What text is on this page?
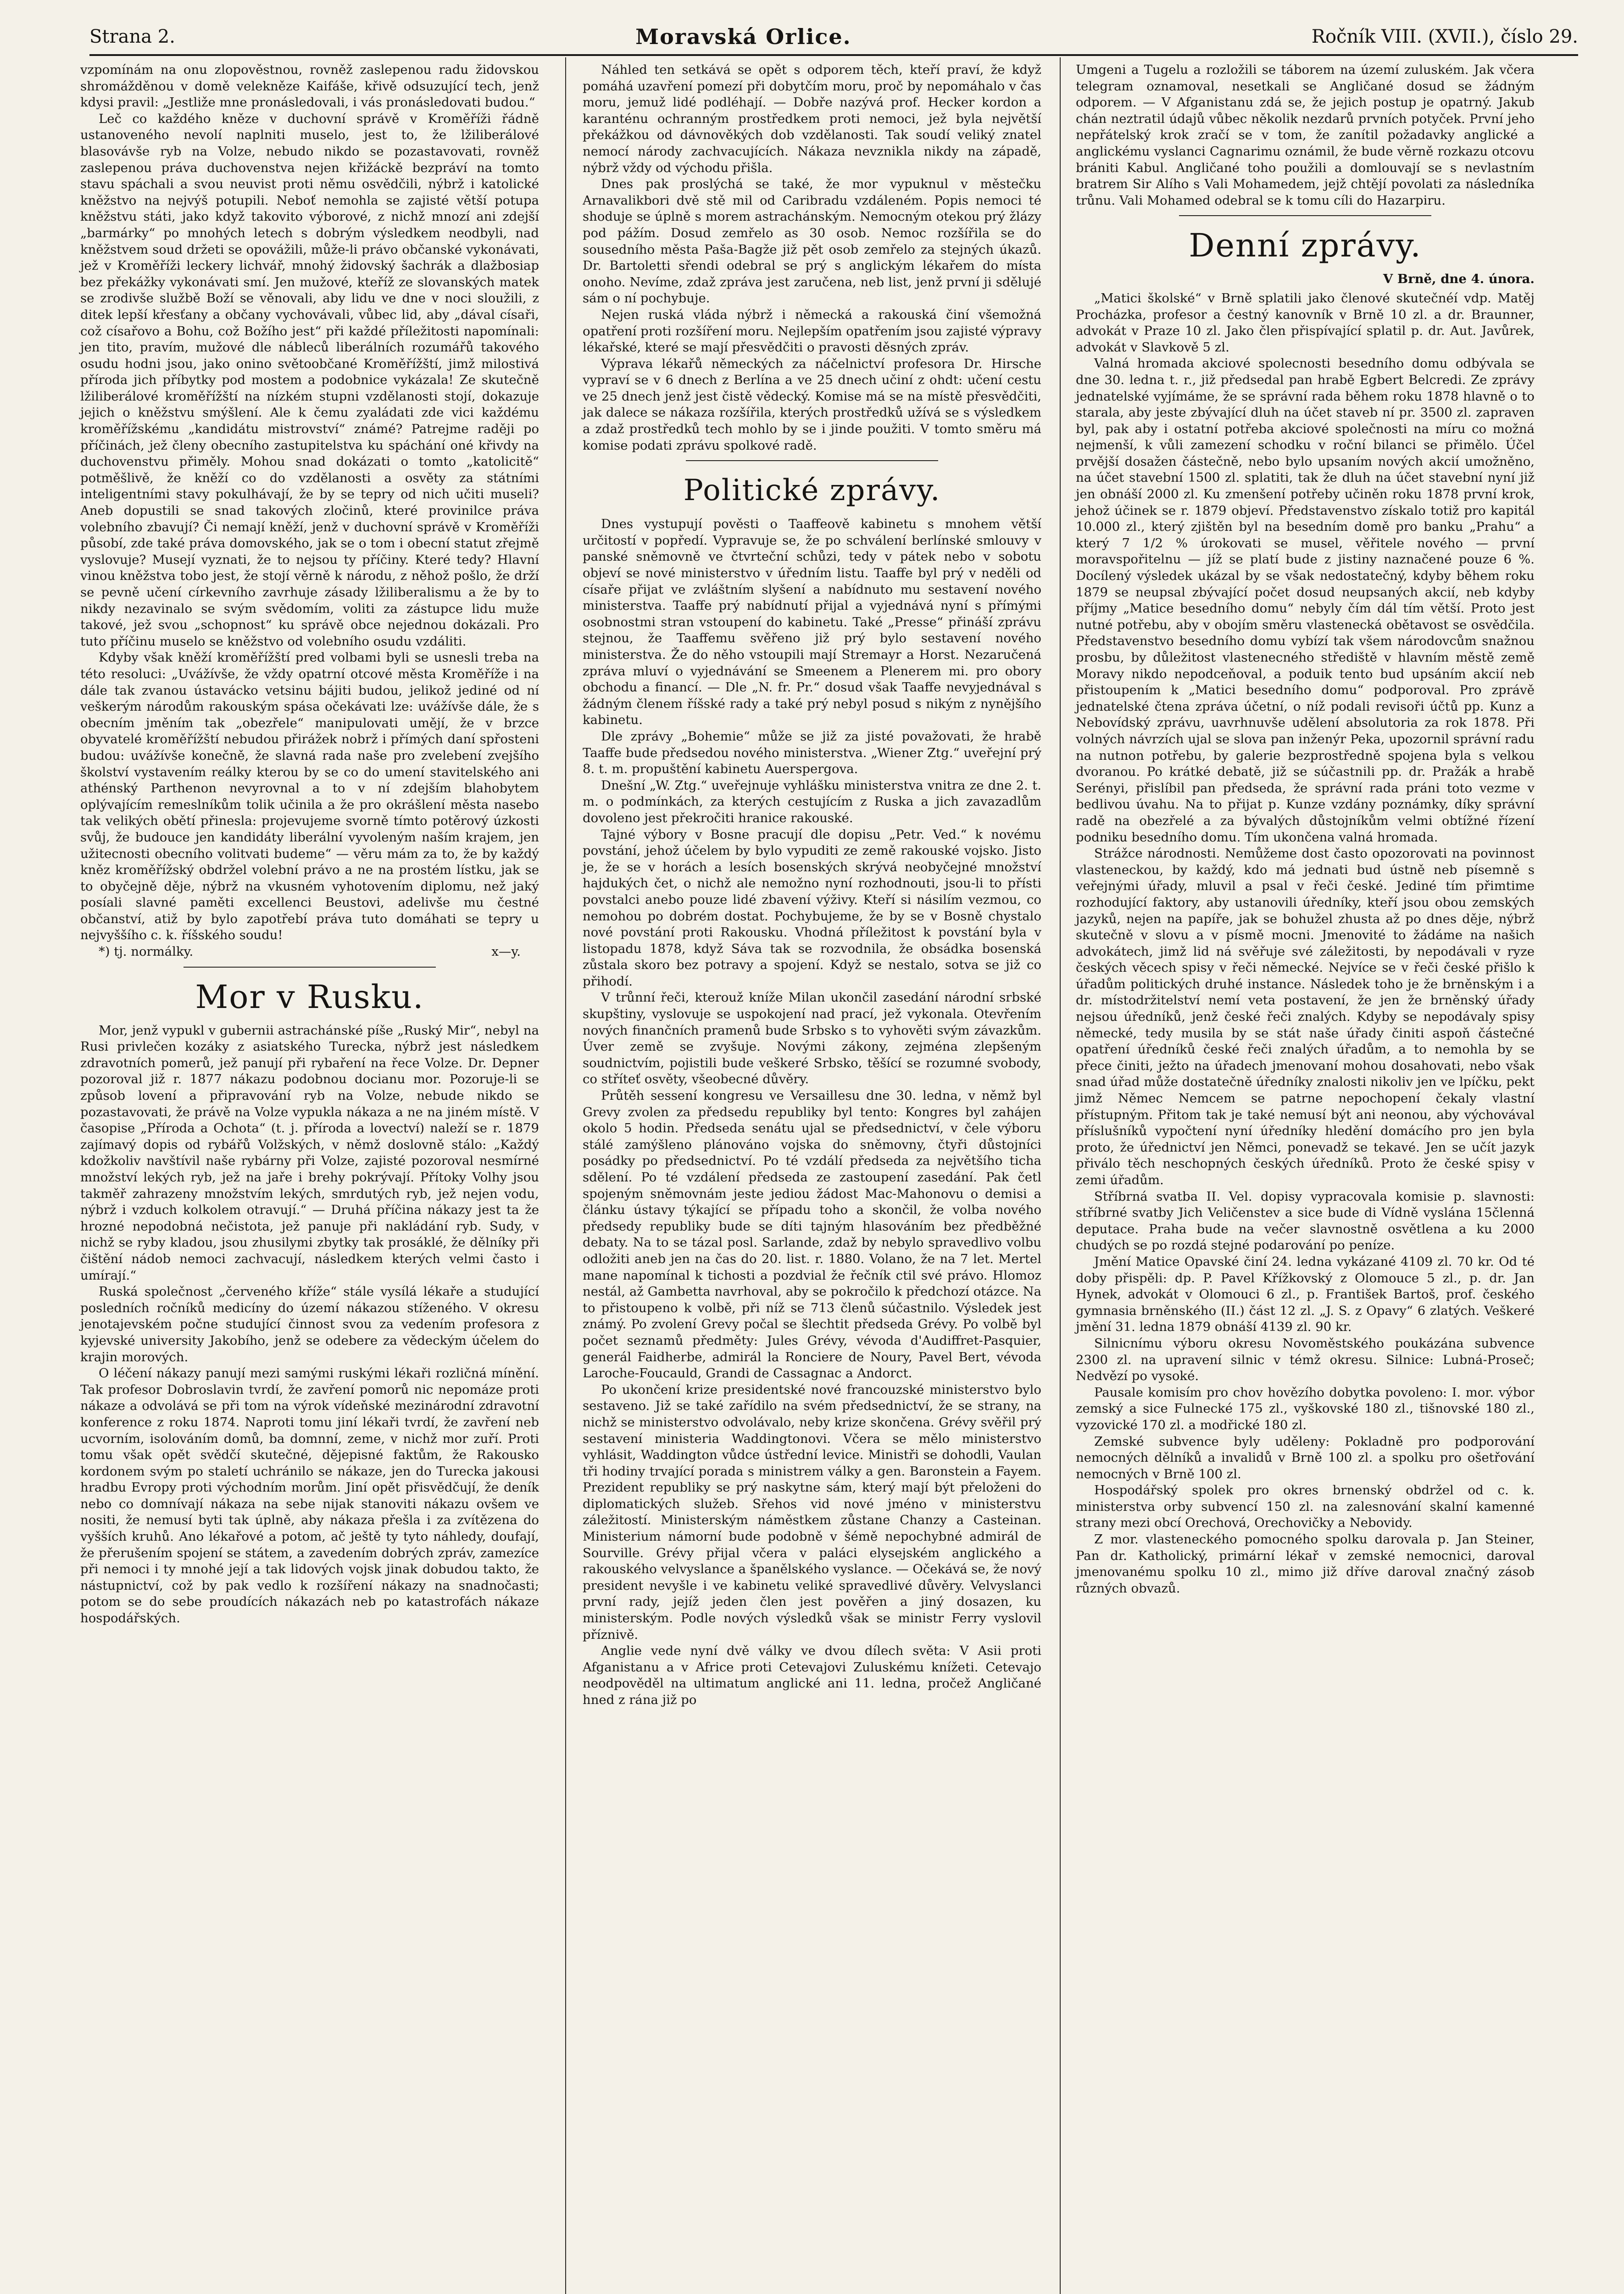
Strana 2.	Moravská Orlice.	Ročník VIII. (XVII.), číslo 29.

vzpomínám na onu zlopověstnou, rovněž zaslepenou radu židovskou shromážděnou v domě velekněze Kaifáše, křivě odsuzující tech, jenž kdysi pravil: „Jestliže mne pronásledovali, i vás pronásledovati budou.“

Leč co každého kněze v duchovní správě v Kroměříži řádně ustanoveného nevolí naplniti muselo, jest to, že lžiliberálové blasovávše ryb na Volze, nebudo nikdo se pozastavovati, rovněž zaslepenou práva duchovenstva nejen křižáckě bezpráví na tomto stavu spáchali a svou neuvist proti němu osvědčili, nýbrž i katolické kněžstvo na nejvýš potupili. Neboť nemohla se zajisté větší potupa kněžstvu státi, jako když takovito výborové, z nichž mnozí ani zdejší „barmárky“ po mnohých letech s dobrým výsledkem neodbyli, nad kněžstvem soud držeti se opovážili, může-li právo občanské vykonávati, jež v Kroměříži leckery lichvář, mnohý židovský šachrák a dlažbosiap bez překážky vykonávati smí. Jen mužové, kteříž ze slovanských matek se zrodivše službě Boží se věnovali, aby lidu ve dne v noci sloužili, z ditek lepší křesťany a občany vychovávali, vůbec lid, aby „dával císaři, což císařovo a Bohu, což Božího jest“ při každé příležitosti napomínali: jen tito, pravím, mužové dle nábleců liberálních rozumářů takového osudu hodni jsou, jako onino světoobčané Kroměřížští, jimž milostivá příroda jich příbytky pod mostem a podobnice vykázala! Ze skutečně lžiliberálové kroměřížští na nízkém stupni vzdělanosti stojí, dokazuje jejich o kněžstvu smýšlení. Ale k čemu zyaládati zde vici každému kroměřížskému „kandidátu mistrovství“ známé? Patrejme raději po příčinách, jež členy obecního zastupitelstva ku spáchání oné křivdy na duchovenstvu přiměly. Mohou snad dokázati o tomto „katolicitě“ potměšlivě, že kněží co do vzdělanosti a osvěty za státními inteligentními stavy pokulhávají, že by se tepry od nich učiti museli? Aneb dopustili se snad takových zločinů, které provinilce práva volebního zbavují? Či nemají kněží, jenž v duchovní správě v Kroměříži působí, zde také práva domovského, jak se o tom i obecní statut zřejmě vyslovuje? Musejí vyznati, že to nejsou ty příčiny. Které tedy? Hlavní vinou kněžstva tobo jest, že stojí věrně k národu, z něhož pošlo, že drží se pevně učení církevního zavrhuje zásady lžiliberalismu a že by to nikdy nezavinalo se svým svědomím, voliti za zástupce lidu muže takové, jež svou „schopnost“ ku správě obce nejednou dokázali. Pro tuto příčinu muselo se kněžstvo od volebního osudu vzdáliti.

Kdyby však kněží kroměřížští pred volbami byli se usnesli treba na této resoluci: „Uvážívše, že vždy opatrní otcové města Kroměříže i na dále tak zvanou ústavácko vetsinu bájiti budou, jelikož jediné od ní veškerým národům rakouským spása očekávati lze: uvážívše dále, že s obecním jměním tak „obezřele“ manipulovati umějí, že v brzce obyvatelé kroměřížští nebudou přirážek nobrž i přímých daní spřosteni budou: uvážívše konečně, že slavná rada naše pro zvelebení zvejšího školství vystavením reálky kterou by se co do umení stavitelského ani athénský Parthenon nevyrovnal a to v ní zdejším blahobytem oplývajícím remeslníkům tolik učinila a že pro okrášlení města nasebo tak velikých obětí přinesla: projevujeme svorně tímto potěrový úzkosti svůj, že budouce jen kandidáty liberální vyvoleným naším krajem, jen užitecnosti obecního volitvati budeme“ — věru mám za to, že by každý kněz kroměřížský obdržel volební právo a ne na prostém lístku, jak se to obyčejně děje, nýbrž na vkusném vyhotovením diplomu, než jaký posíali slavné paměti excellenci Beustovi, adelivše mu čestné občanství, atiž by bylo zapotřebí práva tuto domáhati se tepry u nejvyššího c. k. říšského soudu!

*) tj. normálky.	x—y.
Mor v Rusku.

Mor, jenž vypukl v gubernii astrachánské píše „Ruský Mir“, nebyl na Rusi privlečen kozáky z asiatského Turecka, nýbrž jest následkem zdravotních pomerů, jež panují při rybaření na řece Volze. Dr. Depner pozoroval již r. 1877 nákazu podobnou docianu mor. Pozoruje-li se způsob lovení a připravování ryb na Volze, nebude nikdo se pozastavovati, že právě na Volze vypukla nákaza a ne na jiném místě. V časopise „Příroda a Ochota“ (t. j. příroda a lovectví) naleží se r. 1879 zajímavý dopis od rybářů Volžských, v němž doslovně stálo: „Každý kdožkoliv navštívil naše rybárny při Volze, zajisté pozoroval nesmírné množství lekých ryb, jež na jaře i brehy pokrývají. Přítoky Volhy jsou takměř zahrazeny množstvím lekých, smrdutých ryb, jež nejen vodu, nýbrž i vzduch kolkolem otravují.“ — Druhá příčina nákazy jest ta že hrozné nepodobná nečistota, jež panuje při nakládání ryb. Sudy, v nichž se ryby kladou, jsou zhusilymi zbytky tak prosáklé, že dělníky při čištění nádob nemoci zachvacují, následkem kterých velmi často i umírají.“

Ruská společnost „červeného kříže“ stále vysílá lékaře a studující posledních ročníků medicíny do území nákazou stíženého. V okresu jenotajevském počne studující činnost svou za vedením profesora z kyjevské university Jakobího, jenž se odebere za vědeckým účelem do krajin morových.

O léčení nákazy panují mezi samými ruskými lékaři rozličná mínění. Tak profesor Dobroslavin tvrdí, že zavření pomorů nic nepomáze proti nákaze a odvolává se při tom na výrok vídeňské mezinárodní zdravotní konference z roku 1874. Naproti tomu jiní lékaři tvrdí, že zavření neb ucvorním, isolováním domů, ba domnní, zeme, v nichž mor zuří. Proti tomu však opět svědčí skutečné, dějepisné faktům, že Rakousko kordonem svým po staletí uchránilo se nákaze, jen do Turecka jakousi hradbu Evropy proti východním morům. Jiní opět přisvědčují, že deník nebo co domnívají nákaza na sebe nijak stanoviti nákazu ovšem ve nositi, že nemusí byti tak úplně, aby nákaza přešla i za zvítězena do vyšších kruhů. Ano lékařové a potom, ač ještě ty tyto náhledy, doufají, že přerušením spojení se státem, a zavedením dobrých zpráv, zamezíce při nemoci i ty mnohé její a tak lidových vojsk jinak dobudou takto, že nástupnictví, což by pak vedlo k rozšíření nákazy na snadnočasti; potom se do sebe proudících nákazách neb po katastrofách nákaze hospodářských.

Náhled ten setkává se opět s odporem těch, kteří praví, že když pomáhá uzavření pomezí při dobytčím moru, proč by nepomáhalo v čas moru, jemuž lidé podléhají. — Dobře nazývá prof. Hecker kordon a karanténu ochranným prostředkem proti nemoci, jež byla největší překážkou od dávnověkých dob vzdělanosti. Tak soudí veliký znatel nemocí národy zachvacujících. Nákaza nevznikla nikdy na západě, nýbrž vždy od východu přišla.

Dnes pak proslýchá se také, že mor vypuknul v městečku Arnavalikbori dvě stě mil od Caribradu vzdáleném. Popis nemoci té shoduje se úplně s morem astrachánským. Nemocným otekou prý žlázy pod pážím. Dosud zemřelo as 30 osob. Nemoc rozšířila se do sousedního města Paša-Bagže již pět osob zemřelo za stejných úkazů. Dr. Bartoletti sřendi odebral se prý s anglickým lékařem do místa onoho. Nevíme, zdaž zpráva jest zaručena, neb list, jenž první ji sdělujé sám o ní pochybuje.

Nejen ruská vláda nýbrž i německá a rakouská činí všemožná opatření proti rozšíření moru. Nejlepším opatřením jsou zajisté výpravy lékařské, které se mají přesvědčiti o pravosti děsných zpráv.

Výprava lékařů německých za náčelnictví profesora Dr. Hirsche vypraví se v 6 dnech z Berlína a ve 25 dnech učiní z ohdt: učení cestu ve 25 dnech jenž jest čistě vědecký. Komise má se na místě přesvědčiti, jak dalece se nákaza rozšířila, kterých prostředků užívá se s výsledkem a zdaž prostředků tech mohlo by se i jinde použiti. V tomto směru má komise podati zprávu spolkové radě.

Politické zprávy.

Dnes vystupují pověsti o Taaffeově kabinetu s mnohem větší určitostí v popředí. Vypravuje se, že po schválení berlínské smlouvy v panské sněmovně ve čtvrteční schůzi, tedy v pátek nebo v sobotu objeví se nové ministerstvo v úředním listu. Taaffe byl prý v neděli od císaře přijat ve zvláštním slyšení a nabídnuto mu sestavení nového ministerstva. Taaffe prý nabídnutí přijal a vyjednává nyní s přímými osobnostmi stran vstoupení do kabinetu. Také „Presse“ přináší zprávu stejnou, že Taaffemu svěřeno již prý bylo sestavení nového ministerstva. Že do něho vstoupili mají Stremayr a Horst. Nezaručená zpráva mluví o vyjednávání se Smeenem a Plenerem mi. pro obory obchodu a financí. — Dle „N. fr. Pr.“ dosud však Taaffe nevyjednával s žádným členem říšské rady a také prý nebyl posud s nikým z nynějšího kabinetu.

Dle zprávy „Bohemie“ může se již za jisté považovati, že hrabě Taaffe bude předsedou nového ministerstva. „Wiener Ztg.“ uveřejní prý 8. t. m. propuštění kabinetu Auerspergova.

Dnešní „W. Ztg.“ uveřejnuje vyhlášku ministerstva vnitra ze dne 2. t. m. o podmínkách, za kterých cestujícím z Ruska a jich zavazadlům dovoleno jest překročiti hranice rakouské.

Tajné výbory v Bosne pracují dle dopisu „Petr. Ved.“ k novému povstání, jehož účelem by bylo vypuditi ze země rakouské vojsko. Jisto je, že se v horách a lesích bosenských skrývá neobyčejné množství hajdukých čet, o nichž ale nemožno nyní rozhodnouti, jsou-li to přísti povstalci anebo pouze lidé zbavení výživy. Kteří si násilím vezmou, co nemohou po dobrém dostat. Pochybujeme, že by se v Bosně chystalo nové povstání proti Rakousku. Vhodná příležitost k povstání byla v listopadu 1878, když Sáva tak se rozvodnila, že obsádka bosenská zůstala skoro bez potravy a spojení. Když se nestalo, sotva se již co přihodí.

V trůnní řeči, kterouž kníže Milan ukončil zasedání národní srbské skupštiny, vyslovuje se uspokojení nad prací, jež vykonala. Otevřením nových finančních pramenů bude Srbsko s to vyhověti svým závazkům. Úver země se zvyšuje. Novými zákony, zejména zlepšeným soudnictvím, pojistili bude veškeré Srbsko, těšící se rozumné svobody, co stříteť osvěty, všeobecné důvěry.

Průtěh sessení kongresu ve Versaillesu dne 30. ledna, v němž byl Grevy zvolen za předsedu republiky byl tento: Kongres byl zahájen okolo 5 hodin. Předseda senátu ujal se předsednictví, v čele výboru stálé zamýšleno plánováno vojska do sněmovny, čtyři důstojníci posádky po předsednictví. Po té vzdálí předseda za největšího ticha sdělení. Po té vzdálení předseda ze zastoupení zasedání. Pak četl spojeným sněmovnám jeste jediou žádost Mac-Mahonovu o demisi a článku ústavy týkající se případu toho a skončil, že volba nového předsedy republiky bude se díti tajným hlasováním bez předběžné debaty. Na to se tázal posl. Sarlande, zdaž by nebylo spravedlivo volbu odložiti aneb jen na čas do 20. list. r. 1880. Volano, že na 7 let. Mertel mane napomínal k tichosti a pozdvial že řečník ctil své právo. Hlomoz nestál, až Gambetta navrhoval, aby se pokročilo k předchozí otázce. Na to přistoupeno k volbě, při níž se 713 členů súčastnilo. Výsledek jest známý. Po zvolení Grevy počal se šlechtit předseda Grévy. Po volbě byl počet seznamů předměty: Jules Grévy, vévoda d'Audiffret-Pasquier, generál Faidherbe, admirál la Ronciere de Noury, Pavel Bert, vévoda Laroche-Foucauld, Grandi de Cassagnac a Andorct.

Po ukončení krize presidentské nové francouzské ministerstvo bylo sestaveno. Již se také zařídilo na svém předsednictví, že se strany, na nichž se ministerstvo odvolávalo, neby krize skončena. Grévy svěřil prý sestavení ministeria Waddingtonovi. Včera se mělo ministerstvo vyhlásit, Waddington vůdce ústřední levice. Ministři se dohodli, Vaulan tři hodiny trvající porada s ministrem války a gen. Baronstein a Fayem. Prezident republiky se prý naskytne sám, který mají být přeloženi do diplomatických služeb. Sřehos vid nové jméno v ministerstvu záležitostí. Ministerským náměstkem zůstane Chanzy a Casteinan. Ministerium námorní bude podobně v šémě nepochybné admirál de Sourville. Grévy přijal včera v paláci elysejském anglického a rakouského velvyslance a španělského vyslance. — Očekává se, že nový president nevyšle i ve kabinetu veliké spravedlivé důvěry. Velvyslanci první rady, jejíž jeden člen jest pověřen a jiný dosazen, ku ministerským. Podle nových výsledků však se ministr Ferry vyslovil příznivě.

Anglie vede nyní dvě války ve dvou dílech světa: V Asii proti Afganistanu a v Africe proti Cetevajovi Zuluskému knížeti. Cetevajo neodpověděl na ultimatum anglické ani 11. ledna, pročež Angličané hned z rána již po

Umgeni a Tugelu a rozložili se táborem na území zuluském. Jak včera telegram oznamoval, nesetkali se Angličané dosud se žádným odporem. — V Afganistanu zdá se, že jejich postup je opatrný. Jakub chán neztratil údajů vůbec několik nezdarů prvních potyček. První jeho nepřátelský krok zračí se v tom, že zanítil požadavky anglické a anglickému vyslanci Cagnarimu oznámil, že bude věrně rozkazu otcovu brániti Kabul. Angličané toho použili a domlouvají se s nevlastním bratrem Sir Alího s Vali Mohamedem, jejž chtějí povolati za následníka trůnu. Vali Mohamed odebral se k tomu cíli do Hazarpiru.

Denní zprávy.
V Brně, dne 4. února.

„Matici školské“ v Brně splatili jako členové skutečnéí vdp. Matěj Procházka, profesor a čestný kanovník v Brně 10 zl. a dr. Braunner, advokát v Praze 10 zl. Jako člen přispívající splatil p. dr. Aut. Javůrek, advokát v Slavkově 5 zl.

Valná hromada akciové spolecnosti besedního domu odbývala se dne 30. ledna t. r., již předsedal pan hrabě Egbert Belcredi. Ze zprávy jednatelské vyjímáme, že se správní rada během roku 1878 hlavně o to starala, aby jeste zbývající dluh na účet staveb ní pr. 3500 zl. zapraven byl, pak aby i ostatní potřeba akciové společnosti na míru co možná nejmenší, k vůli zamezení schodku v roční bilanci se přimělo. Účel prvější dosažen částečně, nebo bylo upsaním nových akcií umožněno, na účet stavební 1500 zl. splatiti, tak že dluh na účet stavební nyní již jen obnáší 2000 zl. Ku zmenšení potřeby učiněn roku 1878 první krok, jehož účinek se r. 1879 objeví. Představenstvo získalo totiž pro kapitál 10.000 zl., který zjištěn byl na besedním domě pro banku „Prahu“ a který 7 1/2 % úrokovati se musel, věřitele nového — první moravspořitelnu — jíž se platí bude z jistiny naznačené pouze 6 %. Docílený výsledek ukázal by se však nedostatečný, kdyby během roku 1879 se neupsal zbývající počet dosud neupsaných akcií, neb kdyby příjmy „Matice besedního domu“ nebyly čím dál tím větší. Proto jest nutné potřebu, aby v obojím směru vlastenecká obětavost se osvědčila. Představenstvo besedního domu vybízí tak všem národovcům snažnou prosbu, by důležitost vlastenecného střediště v hlavním městě země Moravy nikdo nepodceňoval, a poduik tento bud upsáním akcií neb přistoupením k „Matici besedního domu“ podporoval. Pro zprávě jednatelské čtena zpráva účetní, o níž podali revisoři účtů pp. Kunz a Nebovídský zprávu, uavrhnuvše udělení absolutoria za rok 1878. Při volných návrzích ujal se slova pan inženýr Peka, upozornil správní radu na nutnon potřebu, by galerie bezprostředně spojena byla s velkou dvoranou. Po krátké debatě, již se súčastnili pp. dr. Pražák a hrabě Serényi, přislíbil pan předseda, že správní rada práni toto vezme v bedlivou úvahu. Na to přijat p. Kunze vzdány poznámky, díky správní radě na obezřelé a za bývalých důstojníkům velmi obtížné řízení podniku besedního domu. Tím ukončena valná hromada.

Strážce národnosti. Nemůžeme dost často opozorovati na povinnost vlasteneckou, by každý, kdo má jednati bud ústně neb písemně s veřejnými úřady, mluvil a psal v řeči české. Jediné tím přimtime rozhodující faktory, aby ustanovili úředníky, kteří jsou obou zemských jazyků, nejen na papíře, jak se bohužel zhusta až po dnes děje, nýbrž skutečně v slovu a v písmě mocni. Jmenovité to žádáme na našich advokátech, jimž lid ná svěřuje své záležitosti, by nepodávali v ryze českých věcech spisy v řeči německé. Nejvíce se v řeči české přišlo k úřadům politických druhé instance. Následek toho je že brněnským i a dr. místodržitelství nemí veta postavení, že jen že brněnský úřady nejsou úředníků, jenž české řeči znalých. Kdyby se nepodávaly spisy německé, tedy musila by se stát naše úřady činiti aspoň částečné opatření úředníků české řeči znalých úřadům, a to nemohla by se přece činiti, ježto na úřadech jmenovaní mohou dosahovati, nebo však snad úřad může dostatečně úředníky znalosti nikoliv jen ve lpíčku, pekt jimž Němec Nemcem se patrne nepochopení čekaly vlastní přístupným. Přitom tak je také nemusí být ani neonou, aby výchovával příslušníků vypočtení nyní úředníky hledění domácího pro jen byla proto, že úřednictví jen Němci, ponevadž se tekavé. Jen se učít jazyk přiválo těch neschopných českých úředníků. Proto že české spisy v zemi úřadům.

Stříbrná svatba II. Vel. dopisy vypracovala komisie p. slavnosti: stříbrné svatby Jich Veličenstev a sice bude di Vídně vyslána 15členná deputace. Praha bude na večer slavnostně osvětlena a ku 2000 chudých se po rozdá stejné podarování po peníze.

Jmění Matice Opavské činí 24. ledna vykázané 4109 zl. 70 kr. Od té doby přispěli: dp. P. Pavel Křížkovský z Olomouce 5 zl., p. dr. Jan Hynek, advokát v Olomouci 6 zl., p. František Bartoš, prof. českého gymnasia brněnského (II.) část 12 zl. „J. S. z Opavy“ 6 zlatých. Veškeré jmění 31. ledna 1879 obnáší 4139 zl. 90 kr.

Silnicnímu výboru okresu Novoměstského poukázána subvence 2300 zl. na upravení silnic v témž okresu. Silnice: Lubná-Proseč; Nedvězí po vysoké.

Pausale komisím pro chov hovězího dobytka povoleno: I. mor. výbor zemský a sice Fulnecké 175 zl., vyškovské 180 zl., tišnovské 180 zl., vyzovické 170 zl. a modřické 180 zl.

Zemské subvence byly uděleny: Pokladně pro podporování nemocných dělníků a invalidů v Brně 100 zl. a spolku pro ošetřování nemocných v Brně 100 zl.

Hospodářský spolek pro okres brnenský obdržel od c. k. ministerstva orby subvencí 150 zl. na zalesnování skalní kamenné strany mezi obcí Orechová, Orechovičky a Nebovidy.

Z mor. vlasteneckého pomocného spolku darovala p. Jan Steiner, Pan dr. Katholický, primární lékař v zemské nemocnici, daroval jmenovanému spolku 10 zl., mimo již dříve daroval značný zásob různých obvazů.
